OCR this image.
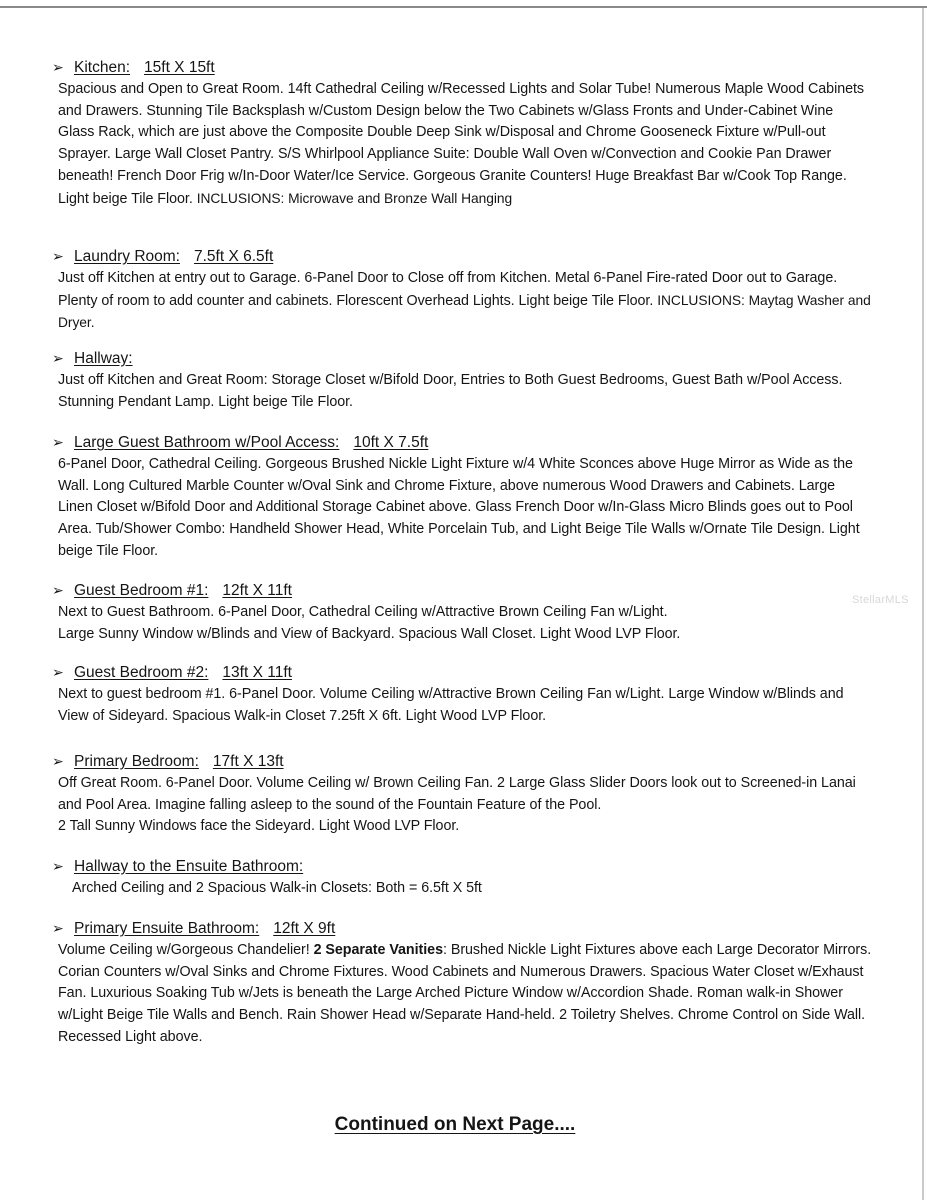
➢ Kitchen: 15ft X 15ft
Spacious and Open to Great Room. 14ft Cathedral Ceiling w/Recessed Lights and Solar Tube! Numerous Maple Wood Cabinets and Drawers. Stunning Tile Backsplash w/Custom Design below the Two Cabinets w/Glass Fronts and Under-Cabinet Wine Glass Rack, which are just above the Composite Double Deep Sink w/Disposal and Chrome Gooseneck Fixture w/Pull-out Sprayer. Large Wall Closet Pantry. S/S Whirlpool Appliance Suite: Double Wall Oven w/Convection and Cookie Pan Drawer beneath! French Door Frig w/In-Door Water/Ice Service. Gorgeous Granite Counters! Huge Breakfast Bar w/Cook Top Range. Light beige Tile Floor. INCLUSIONS: Microwave and Bronze Wall Hanging
➢ Laundry Room: 7.5ft X 6.5ft
Just off Kitchen at entry out to Garage. 6-Panel Door to Close off from Kitchen. Metal 6-Panel Fire-rated Door out to Garage. Plenty of room to add counter and cabinets. Florescent Overhead Lights. Light beige Tile Floor. INCLUSIONS: Maytag Washer and Dryer.
➢ Hallway:
Just off Kitchen and Great Room: Storage Closet w/Bifold Door, Entries to Both Guest Bedrooms, Guest Bath w/Pool Access. Stunning Pendant Lamp. Light beige Tile Floor.
➢ Large Guest Bathroom w/Pool Access: 10ft X 7.5ft
6-Panel Door, Cathedral Ceiling. Gorgeous Brushed Nickle Light Fixture w/4 White Sconces above Huge Mirror as Wide as the Wall. Long Cultured Marble Counter w/Oval Sink and Chrome Fixture, above numerous Wood Drawers and Cabinets. Large Linen Closet w/Bifold Door and Additional Storage Cabinet above. Glass French Door w/In-Glass Micro Blinds goes out to Pool Area. Tub/Shower Combo: Handheld Shower Head, White Porcelain Tub, and Light Beige Tile Walls w/Ornate Tile Design. Light beige Tile Floor.
➢ Guest Bedroom #1: 12ft X 11ft
Next to Guest Bathroom. 6-Panel Door, Cathedral Ceiling w/Attractive Brown Ceiling Fan w/Light.
Large Sunny Window w/Blinds and View of Backyard. Spacious Wall Closet. Light Wood LVP Floor.
➢ Guest Bedroom #2: 13ft X 11ft
Next to guest bedroom #1. 6-Panel Door. Volume Ceiling w/Attractive Brown Ceiling Fan w/Light. Large Window w/Blinds and View of Sideyard. Spacious Walk-in Closet 7.25ft X 6ft. Light Wood LVP Floor.
➢ Primary Bedroom: 17ft X 13ft
Off Great Room. 6-Panel Door. Volume Ceiling w/ Brown Ceiling Fan. 2 Large Glass Slider Doors look out to Screened-in Lanai and Pool Area. Imagine falling asleep to the sound of the Fountain Feature of the Pool.
2 Tall Sunny Windows face the Sideyard. Light Wood LVP Floor.
➢ Hallway to the Ensuite Bathroom:
Arched Ceiling and 2 Spacious Walk-in Closets: Both = 6.5ft X 5ft
➢ Primary Ensuite Bathroom: 12ft X 9ft
Volume Ceiling w/Gorgeous Chandelier! 2 Separate Vanities: Brushed Nickle Light Fixtures above each Large Decorator Mirrors. Corian Counters w/Oval Sinks and Chrome Fixtures. Wood Cabinets and Numerous Drawers. Spacious Water Closet w/Exhaust Fan. Luxurious Soaking Tub w/Jets is beneath the Large Arched Picture Window w/Accordion Shade. Roman walk-in Shower w/Light Beige Tile Walls and Bench. Rain Shower Head w/Separate Hand-held. 2 Toiletry Shelves. Chrome Control on Side Wall. Recessed Light above.
Continued on Next Page....
StellarMLS
